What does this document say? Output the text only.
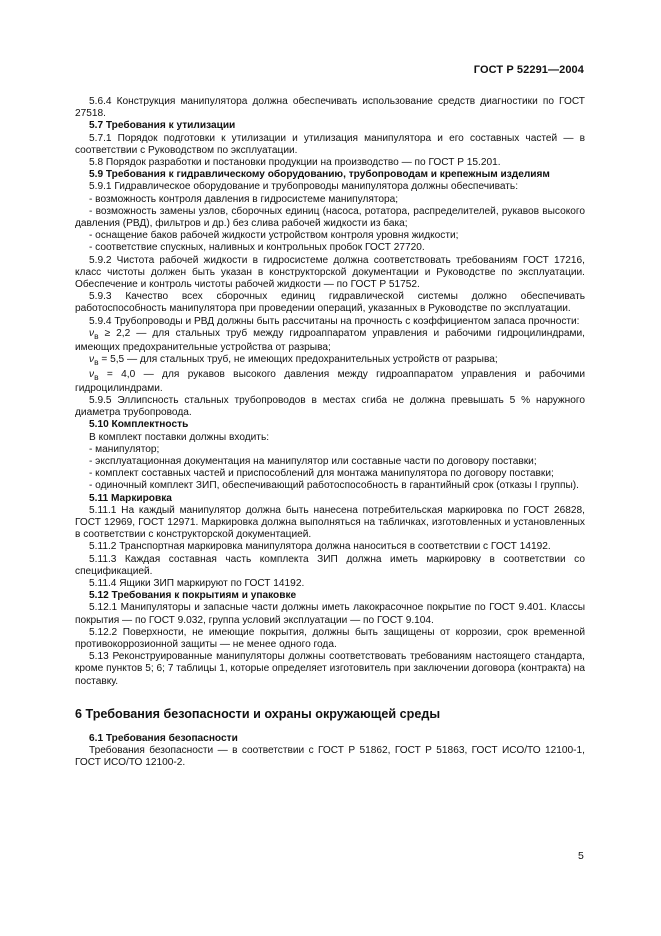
ГОСТ Р 52291—2004

5.6.4 Конструкция манипулятора должна обеспечивать использование средств диагностики по ГОСТ 27518.

5.7 Требования к утилизации

5.7.1 Порядок подготовки к утилизации и утилизация манипулятора и его составных частей — в соответствии с Руководством по эксплуатации.

5.8 Порядок разработки и постановки продукции на производство — по ГОСТ Р 15.201.

5.9 Требования к гидравлическому оборудованию, трубопроводам и крепежным изделиям

5.9.1 Гидравлическое оборудование и трубопроводы манипулятора должны обеспечивать:

- возможность контроля давления в гидросистеме манипулятора;

- возможность замены узлов, сборочных единиц (насоса, ротатора, распределителей, рукавов высокого давления (РВД), фильтров и др.) без слива рабочей жидкости из бака;

- оснащение баков рабочей жидкости устройством контроля уровня жидкости;

- соответствие спускных, наливных и контрольных пробок ГОСТ 27720.

5.9.2 Чистота рабочей жидкости в гидросистеме должна соответствовать требованиям ГОСТ 17216, класс чистоты должен быть указан в конструкторской документации и Руководстве по эксплуатации. Обеспечение и контроль чистоты рабочей жидкости — по ГОСТ Р 51752.

5.9.3 Качество всех сборочных единиц гидравлической системы должно обеспечивать работоспособность манипулятора при проведении операций, указанных в Руководстве по эксплуатации.

5.9.4 Трубопроводы и РВД должны быть рассчитаны на прочность с коэффициентом запаса прочности:

$\nu_в \ge 2,2$ — для стальных труб между гидроаппаратом управления и рабочими гидроцилиндрами, имеющих предохранительные устройства от разрыва;

$\nu_в = 5,5$ — для стальных труб, не имеющих предохранительных устройств от разрыва;

$\nu_в = 4,0$ — для рукавов высокого давления между гидроаппаратом управления и рабочими гидроцилиндрами.

5.9.5 Эллипсность стальных трубопроводов в местах сгиба не должна превышать 5 % наружного диаметра трубопровода.

5.10 Комплектность

В комплект поставки должны входить:

- манипулятор;

- эксплуатационная документация на манипулятор или составные части по договору поставки;

- комплект составных частей и приспособлений для монтажа манипулятора по договору поставки;

- одиночный комплект ЗИП, обеспечивающий работоспособность в гарантийный срок (отказы I группы).

5.11 Маркировка

5.11.1 На каждый манипулятор должна быть нанесена потребительская маркировка по ГОСТ 26828, ГОСТ 12969, ГОСТ 12971. Маркировка должна выполняться на табличках, изготовленных и установленных в соответствии с конструкторской документацией.

5.11.2 Транспортная маркировка манипулятора должна наноситься в соответствии с ГОСТ 14192.

5.11.3 Каждая составная часть комплекта ЗИП должна иметь маркировку в соответствии со спецификацией.

5.11.4 Ящики ЗИП маркируют по ГОСТ 14192.

5.12 Требования к покрытиям и упаковке

5.12.1 Манипуляторы и запасные части должны иметь лакокрасочное покрытие по ГОСТ 9.401. Классы покрытия — по ГОСТ 9.032, группа условий эксплуатации — по ГОСТ 9.104.

5.12.2 Поверхности, не имеющие покрытия, должны быть защищены от коррозии, срок временной противокоррозионной защиты — не менее одного года.

5.13 Реконструированные манипуляторы должны соответствовать требованиям настоящего стандарта, кроме пунктов 5; 6; 7 таблицы 1, которые определяет изготовитель при заключении договора (контракта) на поставку.

6 Требования безопасности и охраны окружающей среды

6.1 Требования безопасности

Требования безопасности — в соответствии с ГОСТ Р 51862, ГОСТ Р 51863, ГОСТ ИСО/ТО 12100-1, ГОСТ ИСО/ТО 12100-2.

5
